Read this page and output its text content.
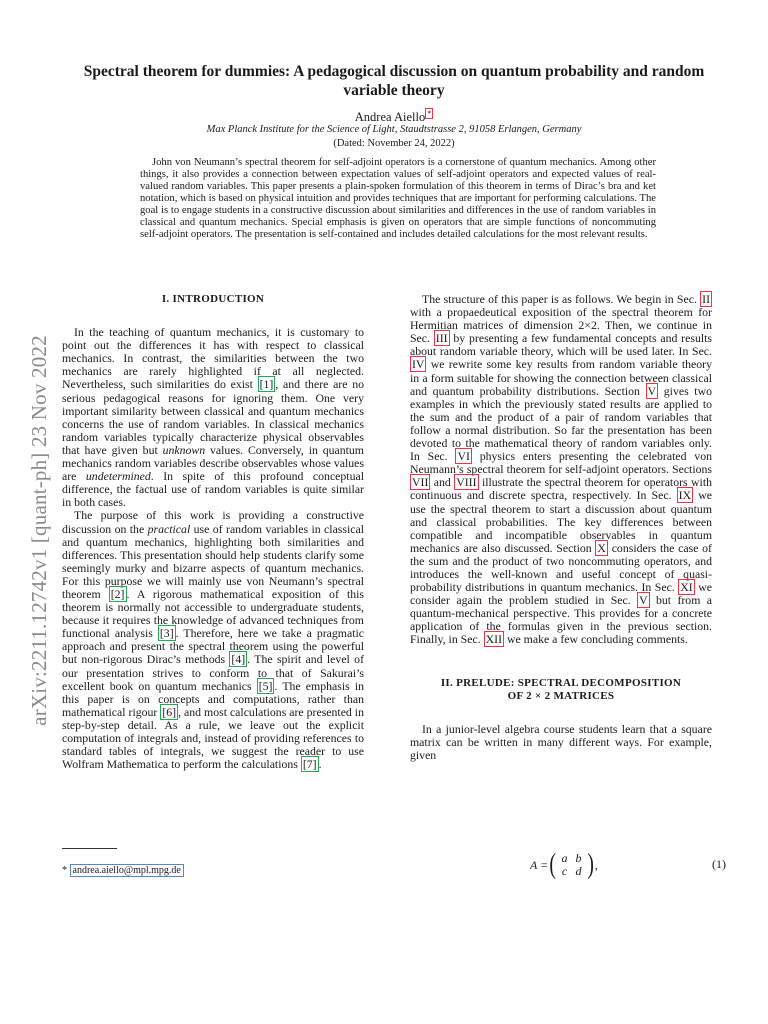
arXiv:2211.12742v1 [quant-ph] 23 Nov 2022
Spectral theorem for dummies: A pedagogical discussion on quantum probability and random variable theory
Andrea Aiello *
Max Planck Institute for the Science of Light, Staudtstrasse 2, 91058 Erlangen, Germany
(Dated: November 24, 2022)

John von Neumann’s spectral theorem for self-adjoint operators is a cornerstone of quantum mechanics. Among other things, it also provides a connection between expectation values of self-adjoint operators and expected values of real-valued random variables. This paper presents a plain-spoken formulation of this theorem in terms of Dirac’s bra and ket notation, which is based on physical intuition and provides techniques that are important for performing calculations. The goal is to engage students in a constructive discussion about similarities and differences in the use of random variables in classical and quantum mechanics. Special emphasis is given on operators that are simple functions of noncommuting self-adjoint operators. The presentation is self-contained and includes detailed calculations for the most relevant results.

I. INTRODUCTION

In the teaching of quantum mechanics, it is customary to point out the differences it has with respect to classical mechanics. In contrast, the similarities between the two mechanics are rarely highlighted if at all neglected. Nevertheless, such similarities do exist [1] , and there are no serious pedagogical reasons for ignoring them. One very important similarity between classical and quantum mechanics concerns the use of random variables. In classical mechanics random variables typically characterize physical observables that have given but unknown values. Conversely, in quantum mechanics random variables describe observables whose values are undetermined. In spite of this profound conceptual difference, the factual use of random variables is quite similar in both cases.

The purpose of this work is providing a constructive discussion on the practical use of random variables in classical and quantum mechanics, highlighting both similarities and differences. This presentation should help students clarify some seemingly murky and bizarre aspects of quantum mechanics. For this purpose we will mainly use von Neumann’s spectral theorem [2] . A rigorous mathematical exposition of this theorem is normally not accessible to undergraduate students, because it requires the knowledge of advanced techniques from functional analysis [3] . Therefore, here we take a pragmatic approach and present the spectral theorem using the powerful but non-rigorous Dirac’s methods [4] . The spirit and level of our presentation strives to conform to that of Sakurai’s excellent book on quantum mechanics [5] . The emphasis in this paper is on concepts and computations, rather than mathematical rigour [6] , and most calculations are presented in step-by-step detail. As a rule, we leave out the explicit computation of integrals and, instead of providing references to standard tables of integrals, we suggest the reader to use Wolfram Mathematica to perform the calculations [7] .

The structure of this paper is as follows. We begin in Sec. II with a propaedeutical exposition of the spectral theorem for Hermitian matrices of dimension 2×2. Then, we continue in Sec. III by presenting a few fundamental concepts and results about random variable theory, which will be used later. In Sec. IV we rewrite some key results from random variable theory in a form suitable for showing the connection between classical and quantum probability distributions. Section V gives two examples in which the previously stated results are applied to the sum and the product of a pair of random variables that follow a normal distribution. So far the presentation has been devoted to the mathematical theory of random variables only. In Sec. VI physics enters presenting the celebrated von Neumann’s spectral theorem for self-adjoint operators. Sections VII and VIII illustrate the spectral theorem for operators with continuous and discrete spectra, respectively. In Sec. IX we use the spectral theorem to start a discussion about quantum and classical probabilities. The key differences between compatible and incompatible observables in quantum mechanics are also discussed. Section X considers the case of the sum and the product of two noncommuting operators, and introduces the well-known and useful concept of quasi-probability distributions in quantum mechanics. In Sec. XI we consider again the problem studied in Sec. V but from a quantum-mechanical perspective. This provides for a concrete application of the formulas given in the previous section. Finally, in Sec. XII we make a few concluding comments.

II. PRELUDE: SPECTRAL DECOMPOSITION
OF 2 × 2 MATRICES

In a junior-level algebra course students learn that a square matrix can be written in many different ways. For example, given

A = ( a b
c d ) ,	(1)
* andrea.aiello@mpl.mpg.de
